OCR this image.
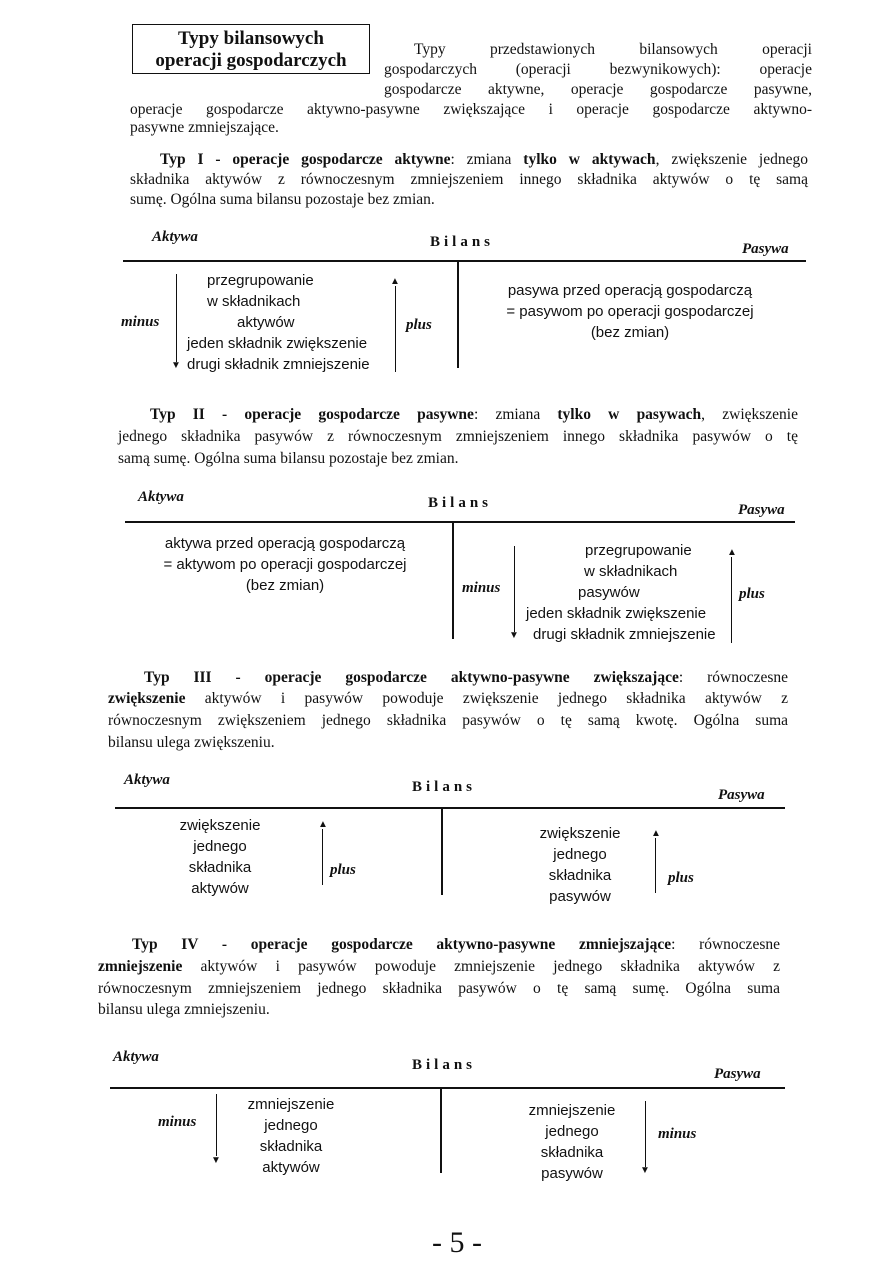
Typy bilansowych
operacji gospodarczych
Typy	przedstawionych	bilansowych	operacji
gospodarczych	(operacji	bezwynikowych):	operacje
gospodarcze aktywne, operacje gospodarcze pasywne,
operacje gospodarcze aktywno-pasywne zwiększające i operacje gospodarcze aktywno-
pasywne zmniejszające.
Typ I - operacje gospodarcze aktywne: zmiana tylko w aktywach, zwiększenie jednego
składnika aktywów z równoczesnym zmniejszeniem innego składnika aktywów o tę samą
sumę. Ogólna suma bilansu pozostaje bez zmian.
Aktywa	Bilans	Pasywa
minus
▼
przegrupowanie
w składnikach
aktywów
jeden składnik zwiększenie
drugi składnik zmniejszenie
▲
plus
pasywa przed operacją gospodarczą
= pasywom po operacji gospodarczej
(bez zmian)
Typ II - operacje gospodarcze pasywne: zmiana tylko w pasywach, zwiększenie
jednego składnika pasywów z równoczesnym zmniejszeniem innego składnika pasywów o tę
samą sumę. Ogólna suma bilansu pozostaje bez zmian.
Aktywa	Bilans	Pasywa
aktywa przed operacją gospodarczą
= aktywom po operacji gospodarczej
(bez zmian)	minus
▼
przegrupowanie
w składnikach
pasywów
jeden składnik zwiększenie
drugi składnik zmniejszenie
▲
plus
Typ III - operacje gospodarcze aktywno-pasywne zwiększające: równoczesne
zwiększenie aktywów i pasywów powoduje zwiększenie jednego składnika aktywów z
równoczesnym zwiększeniem jednego składnika pasywów o tę samą kwotę. Ogólna suma
bilansu ulega zwiększeniu.
Aktywa	Bilans	Pasywa
zwiększenie
jednego
składnika
aktywów
▲
plus
zwiększenie
jednego
składnika
pasywów
▲
plus
Typ IV - operacje gospodarcze aktywno-pasywne zmniejszające: równoczesne
zmniejszenie aktywów i pasywów powoduje zmniejszenie jednego składnika aktywów z
równoczesnym zmniejszeniem jednego składnika pasywów o tę samą sumę. Ogólna suma
bilansu ulega zmniejszeniu.
Aktywa	Bilans
Pasywa
minus
▼
zmniejszenie
jednego
składnika
aktywów
zmniejszenie
jednego
składnika
pasywów	▼
minus
- 5 -
